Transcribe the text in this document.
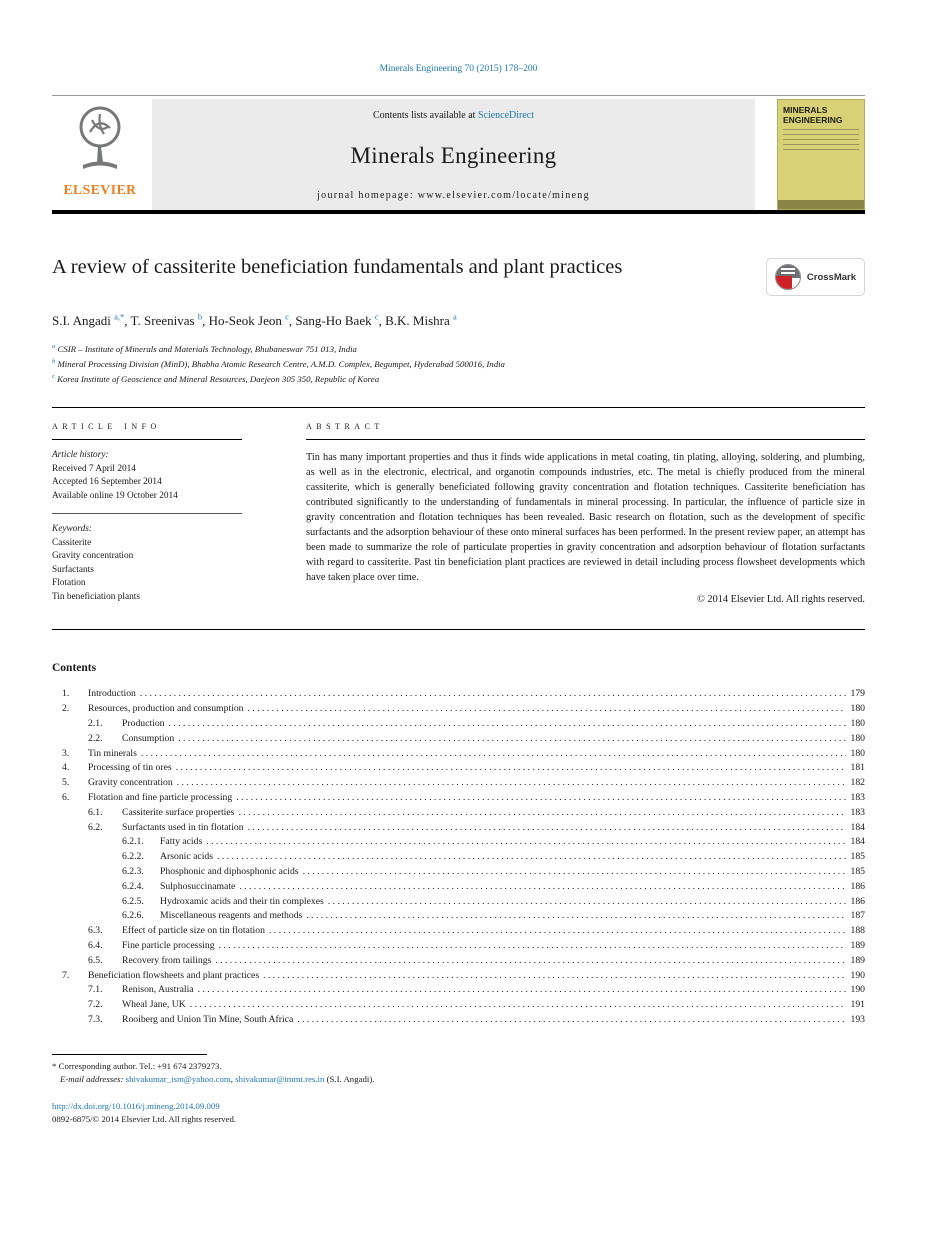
Minerals Engineering 70 (2015) 178–200
ELSEVIER
Contents lists available at ScienceDirect
Minerals Engineering
journal homepage: www.elsevier.com/locate/mineng
MINERALS ENGINEERING
A review of cassiterite beneficiation fundamentals and plant practices	CrossMark
S.I. Angadi $^{a,*}$, T. Sreenivas $^b$, Ho-Seok Jeon $^c$, Sang-Ho Baek $^c$, B.K. Mishra $^a$
$^a$ CSIR – Institute of Minerals and Materials Technology, Bhubaneswar 751 013, India
$^b$ Mineral Processing Division (MinD), Bhabha Atomic Research Centre, A.M.D. Complex, Begumpet, Hyderabad 500016, India
$^c$ Korea Institute of Geoscience and Mineral Resources, Daejeon 305 350, Republic of Korea
article info
Article history:
Received 7 April 2014
Accepted 16 September 2014
Available online 19 October 2014
Keywords:
Cassiterite
Gravity concentration
Surfactants
Flotation
Tin beneficiation plants
abstract
Tin has many important properties and thus it finds wide applications in metal coating, tin plating, alloying, soldering, and plumbing, as well as in the electronic, electrical, and organotin compounds industries, etc. The metal is chiefly produced from the mineral cassiterite, which is generally beneficiated following gravity concentration and flotation techniques. Cassiterite beneficiation has contributed significantly to the understanding of fundamentals in mineral processing. In particular, the influence of particle size in gravity concentration and flotation techniques has been revealed. Basic research on flotation, such as the development of specific surfactants and the adsorption behaviour of these onto mineral surfaces has been performed. In the present review paper, an attempt has been made to summarize the role of particulate properties in gravity concentration and adsorption behaviour of flotation surfactants with regard to cassiterite. Past tin beneficiation plant practices are reviewed in detail including process flowsheet developments which have taken place over time.
© 2014 Elsevier Ltd. All rights reserved.
Contents
1.	Introduction .....	179
2.	Resources, production and consumption .....	180
2.1.	Production .....	180
2.2.	Consumption .....	180
3.	Tin minerals .....	180
4.	Processing of tin ores .....	181
5.	Gravity concentration .....	182
6.	Flotation and fine particle processing .....	183
6.1.	Cassiterite surface properties .....	183
6.2.	Surfactants used in tin flotation .....	184
6.2.1.	Fatty acids .....	184
6.2.2.	Arsonic acids .....	185
6.2.3.	Phosphonic and diphosphonic acids .....	185
6.2.4.	Sulphosuccinamate .....	186
6.2.5.	Hydroxamic acids and their tin complexes .....	186
6.2.6.	Miscellaneous reagents and methods .....	187
6.3.	Effect of particle size on tin flotation .....	188
6.4.	Fine particle processing .....	189
6.5.	Recovery from tailings .....	189
7.	Beneficiation flowsheets and plant practices .....	190
7.1.	Renison, Australia .....	190
7.2.	Wheal Jane, UK .....	191
7.3.	Rooiberg and Union Tin Mine, South Africa .....	193
* Corresponding author. Tel.: +91 674 2379273.
E-mail addresses: shivakumar_ism@yahoo.com, shivakumar@immt.res.in (S.I. Angadi).
http://dx.doi.org/10.1016/j.mineng.2014.09.009
0892-6875/© 2014 Elsevier Ltd. All rights reserved.
